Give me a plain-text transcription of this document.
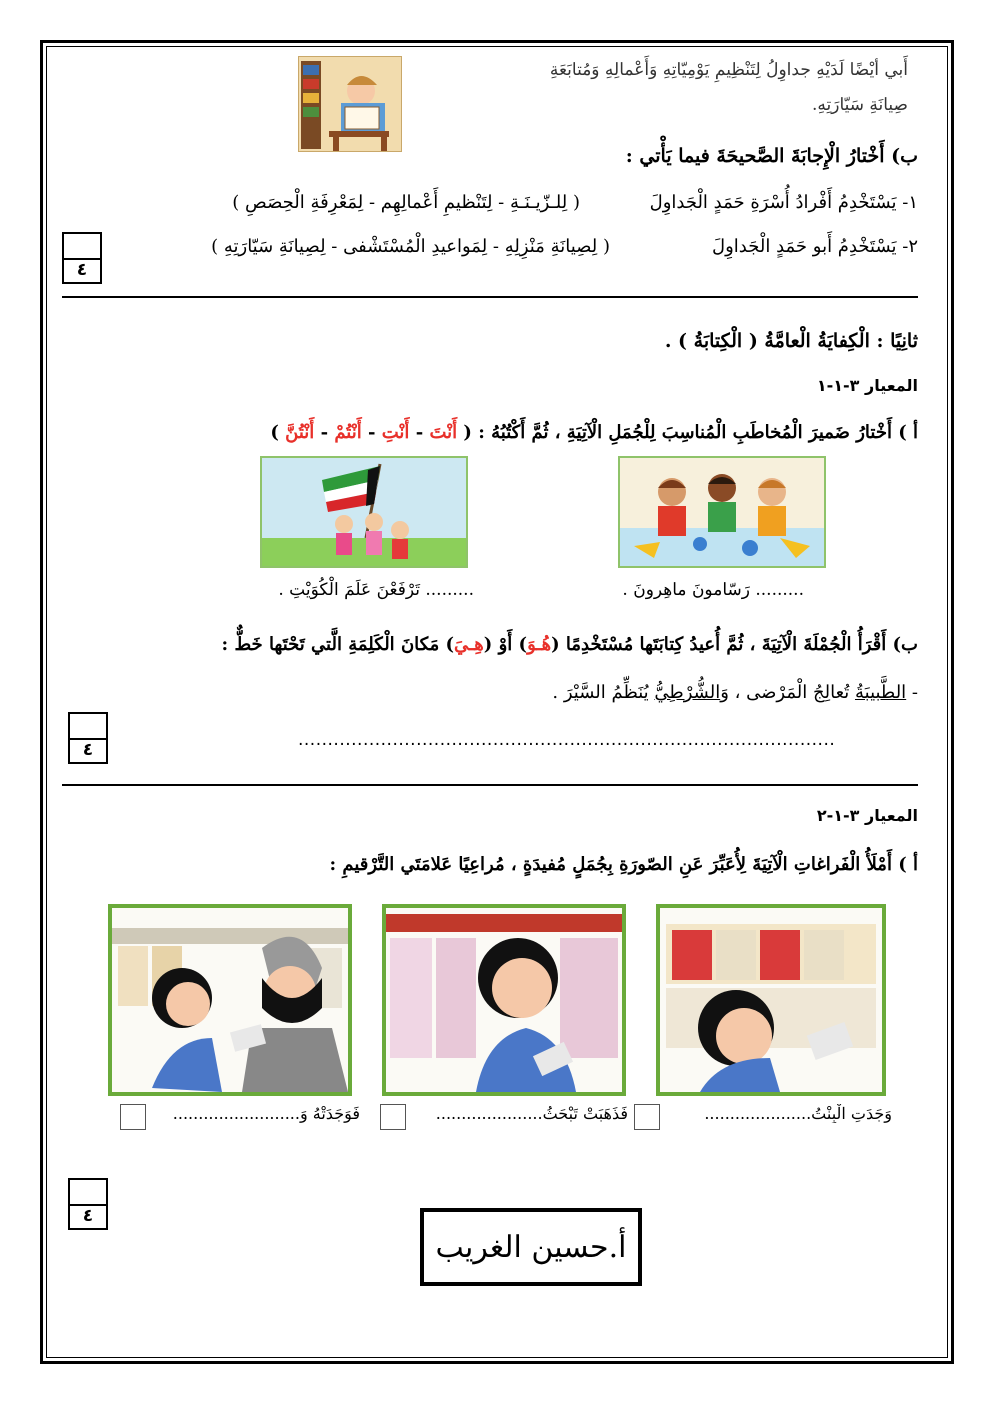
أَبي أيْضًا لَدَيْهِ جداوِلُ لِتَنْظِيمِ يَوْمِيّاتِهِ وَأَعْمالِهِ وَمُتابَعَةِ
صِيانَةِ سَيّارَتِهِ.
ب) أَخْتارُ الْإِجابَةَ الصَّحيحَةَ فيما يَأْتي :
١- يَسْتَخْدِمُ أَفْرادُ أُسْرَةِ حَمَدٍ الْجَداوِلَ
( لِلـزّيـنَـةِ - لِتَنْظيمِ أَعْمالِهِم - لِمَعْرِفَةِ الْحِصَصِ )
٢- يَسْتَخْدِمُ أَبو حَمَدٍ الْجَداوِلَ
( لِصِيانَةِ مَنْزِلِهِ - لِمَواعيدِ الْمُسْتَشْفى - لِصِيانَةِ سَيّارَتِهِ )
٤
ثانِيًا : الْكِفايَةُ الْعامَّةُ ( الْكِتابَةُ ) .
المعيار ٣-١-١
أ ) أَخْتارُ ضَميرَ الْمُخاطَبِ الْمُناسِبَ لِلْجُمَلِ الْآتِيَةِ ، ثُمَّ أَكْتُبُهُ : ( أَنْتَ - أَنْتِ - أَنْتُمْ - أَنْتُنَّ )
......... رَسّامونَ ماهِرونَ .
......... تَرْفَعْنَ عَلَمَ الْكُوَيْتِ .
ب) أَقْرَأُ الْجُمْلَةَ الْآتِيَةَ ، ثُمَّ أُعيدُ كِتابَتَها مُسْتَخْدِمًا (هُـوَ) أَوْ (هِـيَ) مَكانَ الْكَلِمَةِ الَّتي تَحْتَها خَطٌّ :
- الطَّبيبَةُ تُعالِجُ الْمَرْضى ، وَالشُّرْطِيُّ يُنَظِّمُ السَّيْرَ .
...........................................................................................
٤
المعيار ٣-١-٢
أ ) أَمْلَأُ الْفَراغاتِ الْآتِيَةَ لِأُعَبِّرَ عَنِ الصّورَةِ بِجُمَلٍ مُفيدَةٍ ، مُراعِيًا عَلامَتَي التَّرْقيمِ :
فَوَجَدَتْهُ وَ.........................	فَذَهَبَتْ تَبْحَثُ.....................	وَجَدَتِ الْبِنْتُ.....................
٤
أ.حسين الغريب
